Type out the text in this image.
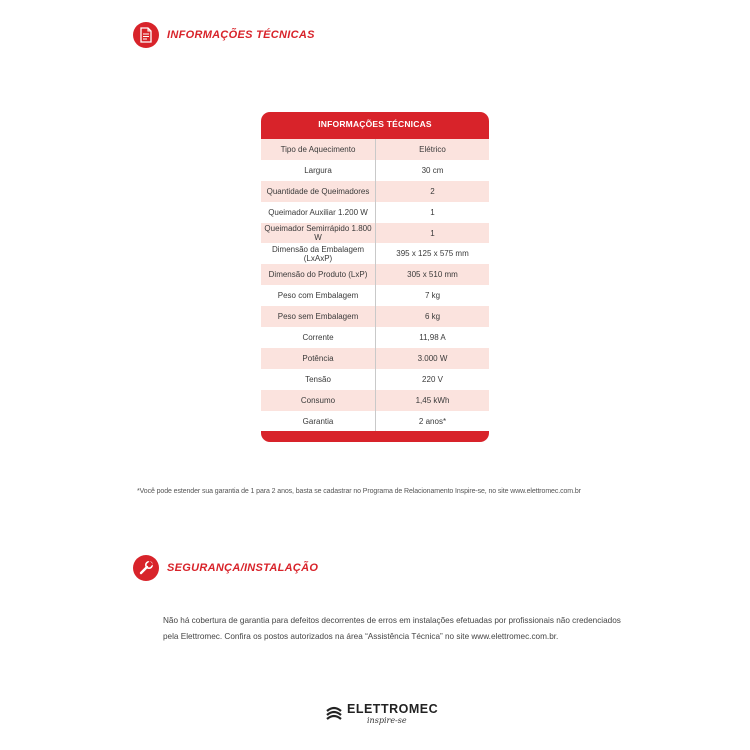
INFORMAÇÕES TÉCNICAS
INFORMAÇÕES TÉCNICAS
Tipo de Aquecimento	Elétrico
Largura	30 cm
Quantidade de Queimadores	2
Queimador Auxiliar 1.200 W	1
Queimador Semirrápido 1.800 W	1
Dimensão da Embalagem (LxAxP)	395 x 125 x 575 mm
Dimensão do Produto (LxP)	305 x 510 mm
Peso com Embalagem	7 kg
Peso sem Embalagem	6 kg
Corrente	11,98 A
Potência	3.000 W
Tensão	220 V
Consumo	1,45 kWh
Garantia	2 anos*
*Você pode estender sua garantia de 1 para 2 anos, basta se cadastrar no Programa de Relacionamento Inspire-se, no site www.elettromec.com.br
SEGURANÇA/INSTALAÇÃO
Não há cobertura de garantia para defeitos decorrentes de erros em instalações efetuadas por profissionais não credenciados pela Elettromec. Confira os postos autorizados na área “Assistência Técnica” no site www.elettromec.com.br.
ELETTROMEC
inspire-se
